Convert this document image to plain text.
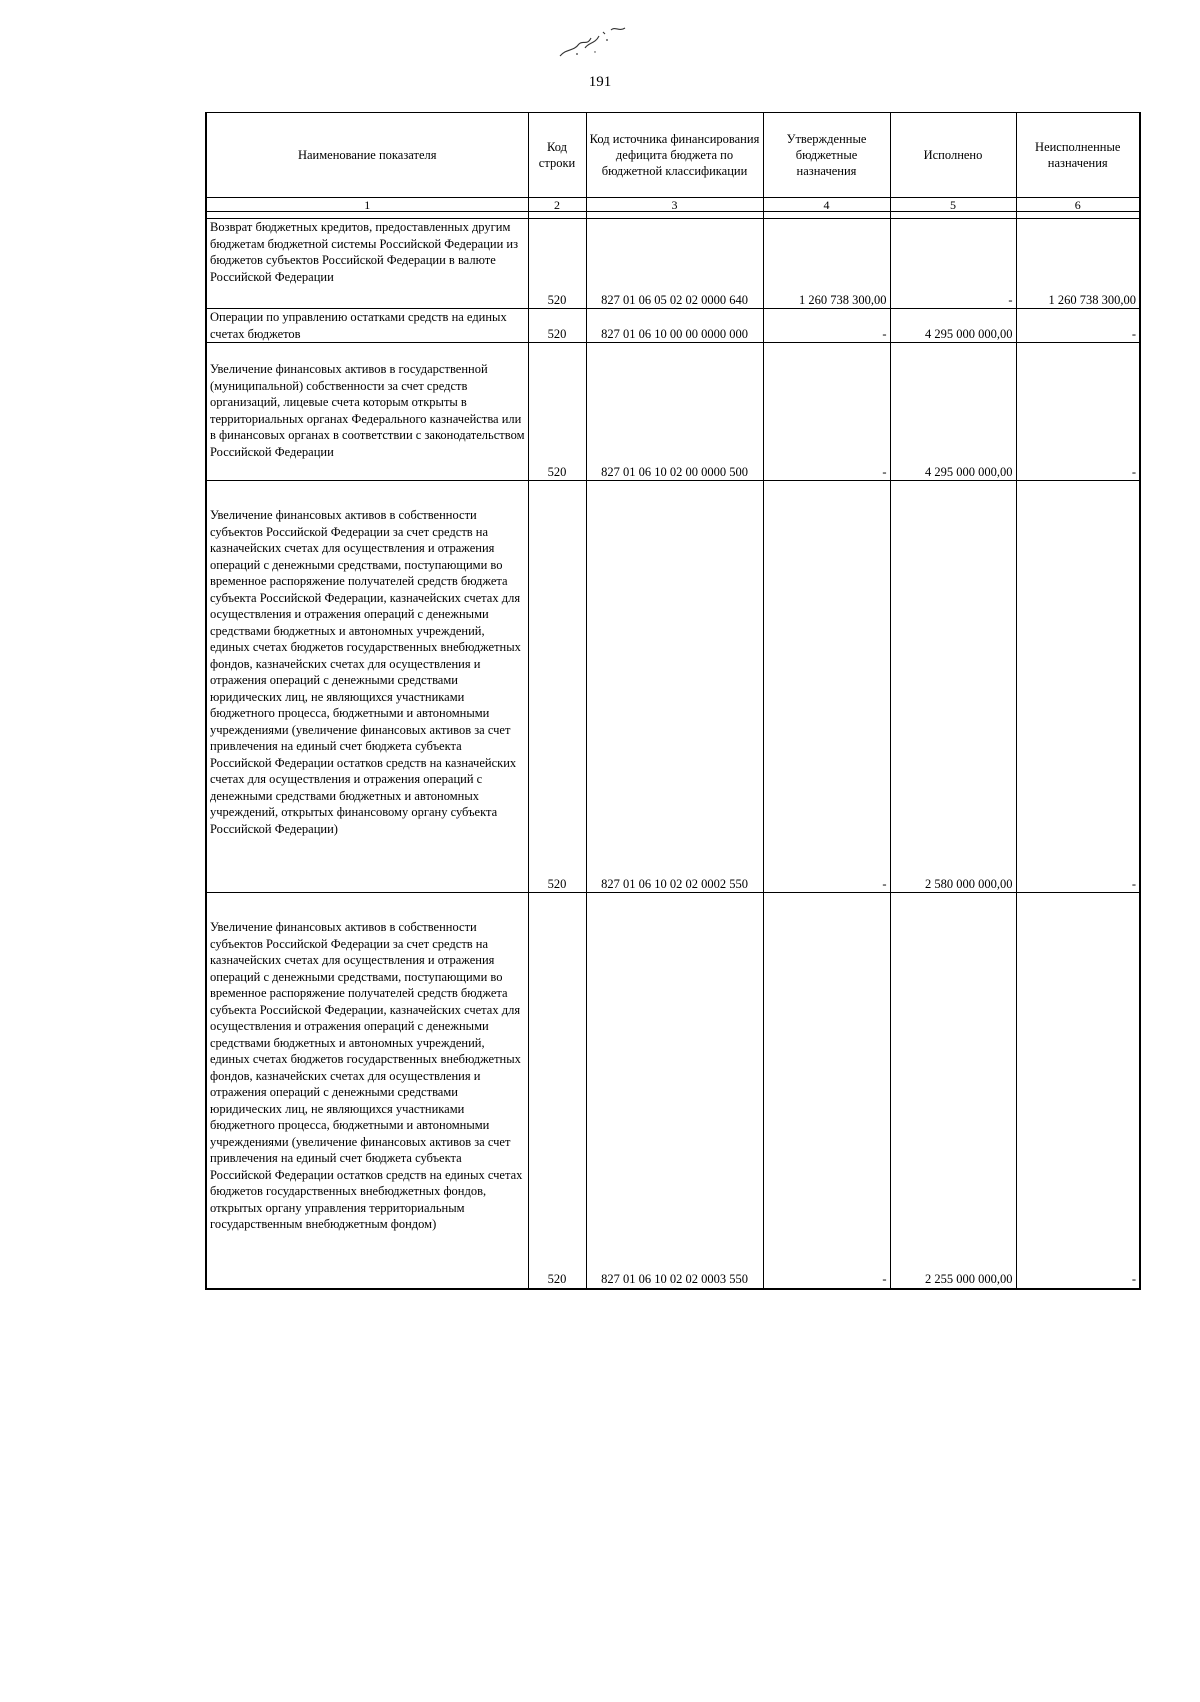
191
Наименование показателя	Код строки	Код источника финансирования дефицита бюджета по бюджетной классификации	Утвержденные бюджетные назначения	Исполнено	Неисполненные назначения
1	2	3	4	5	6

Возврат бюджетных кредитов, предоставленных другим бюджетам бюджетной системы Российской Федерации из бюджетов субъектов Российской Федерации в валюте Российской Федерации	520	827 01 06 05 02 02 0000 640	1 260 738 300,00	-	1 260 738 300,00
Операции по управлению остатками средств на единых счетах бюджетов	520	827 01 06 10 00 00 0000 000	-	4 295 000 000,00	-
Увеличение финансовых активов в государственной (муниципальной) собственности за счет средств организаций, лицевые счета которым открыты в территориальных органах Федерального казначейства или в финансовых органах в соответствии с законодательством Российской Федерации	520	827 01 06 10 02 00 0000 500	-	4 295 000 000,00	-
Увеличение финансовых активов в собственности субъектов Российской Федерации за счет средств на казначейских счетах для осуществления и отражения операций с денежными средствами, поступающими во временное распоряжение получателей средств бюджета субъекта Российской Федерации, казначейских счетах для осуществления и отражения операций с денежными средствами бюджетных и автономных учреждений, единых счетах бюджетов государственных внебюджетных фондов, казначейских счетах для осуществления и отражения операций с денежными средствами юридических лиц, не являющихся участниками бюджетного процесса, бюджетными и автономными учреждениями (увеличение финансовых активов за счет привлечения на единый счет бюджета субъекта Российской Федерации остатков средств на казначейских счетах для осуществления и отражения операций с денежными средствами бюджетных и автономных учреждений, открытых финансовому органу субъекта Российской Федерации)	520	827 01 06 10 02 02 0002 550	-	2 580 000 000,00	-
Увеличение финансовых активов в собственности субъектов Российской Федерации за счет средств на казначейских счетах для осуществления и отражения операций с денежными средствами, поступающими во временное распоряжение получателей средств бюджета субъекта Российской Федерации, казначейских счетах для осуществления и отражения операций с денежными средствами бюджетных и автономных учреждений, единых счетах бюджетов государственных внебюджетных фондов, казначейских счетах для осуществления и отражения операций с денежными средствами юридических лиц, не являющихся участниками бюджетного процесса, бюджетными и автономными учреждениями (увеличение финансовых активов за счет привлечения на единый счет бюджета субъекта Российской Федерации остатков средств на единых счетах бюджетов государственных внебюджетных фондов, открытых органу управления территориальным государственным внебюджетным фондом)	520	827 01 06 10 02 02 0003 550	-	2 255 000 000,00	-
